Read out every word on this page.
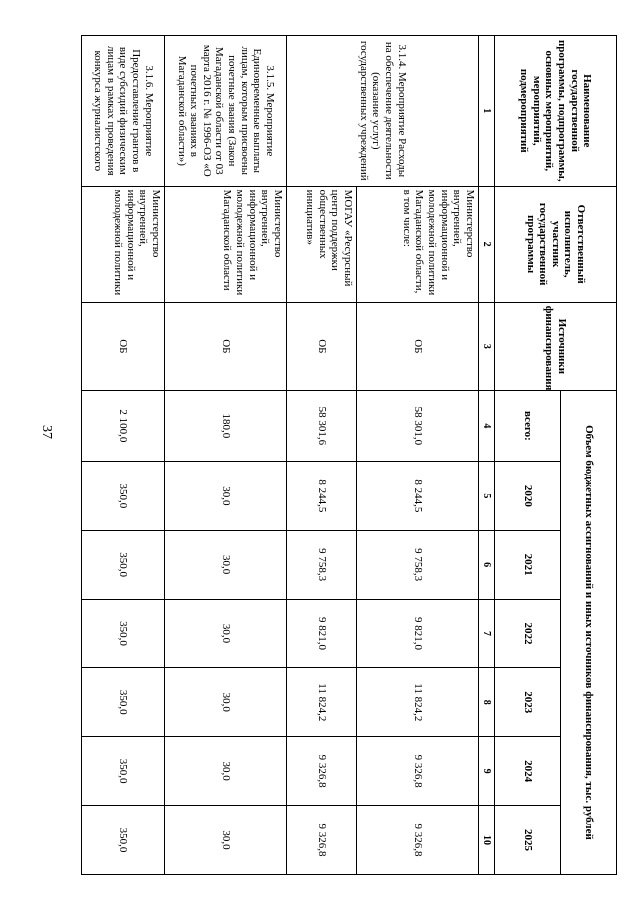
37
Наименование государственной программы, подпрограммы, основных мероприятий, мероприятий, подмероприятий	Ответственный исполнитель, участник государственной программы	Источники финансирования	Объем бюджетных ассигнований и иных источников финансирования, тыс. рублей						
			всего:	2020	2021	2022	2023	2024	2025
1	2	3	4	5	6	7	8	9	10
3.1.4. Мероприятие Расходы на обеспечение деятельности (оказание услуг) государственных учреждений	Министерство внутренней, информационной и молодежной политики Магаданской области, в том числе:	ОБ	58 301,0	8 244,5	9 758,3	9 821,0	11 824,2	9 326,8	9 326,8
	МОГАУ «Ресурсный центр поддержки общественных инициатив»	ОБ	58 301,6	8 244,5	9 758,3	9 821,0	11 824,2	9 326,8	9 326,8
3.1.5. Мероприятие Единовременные выплаты лицам, которым присвоены почетные звания (Закон Магаданской области от 03 марта 2016 г. № 1996-ОЗ «О почетных званиях в Магаданской области»)	Министерство внутренней, информационной и молодежной политики Магаданской области	ОБ	180,0	30,0	30,0	30,0	30,0	30,0	30,0
3.1.6. Мероприятие Предоставление грантов в виде субсидий физическим лицам в рамках проведения конкурса журналистского	Министерство внутренней, информационной и молодежной политики	ОБ	2 100,0	350,0	350,0	350,0	350,0	350,0	350,0
